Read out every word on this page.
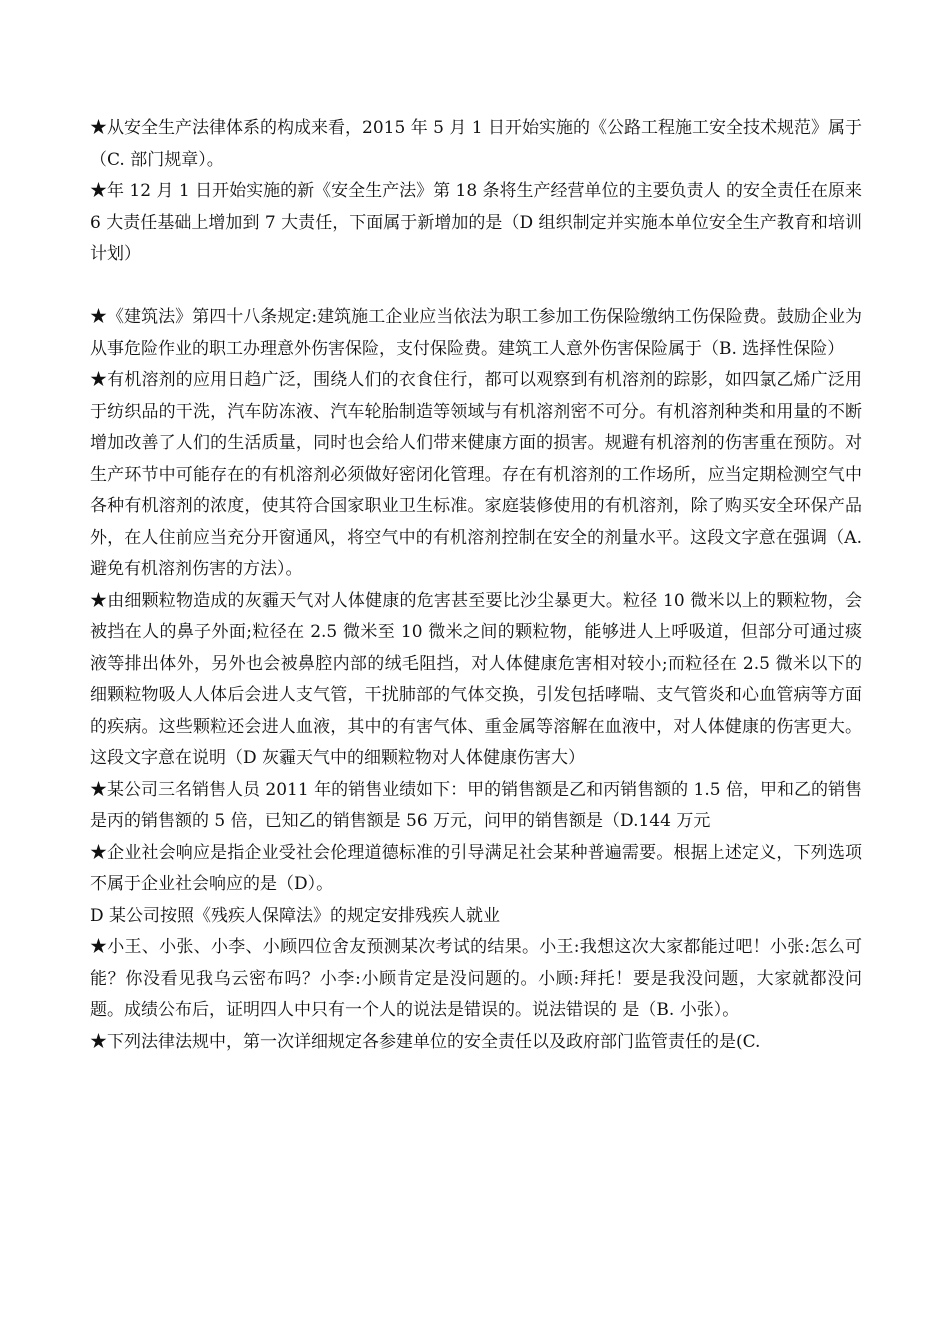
★从安全生产法律体系的构成来看，2015 年 5 月 1 日开始实施的《公路工程施工安全技术规范》属于（C. 部门规章）。

★年 12 月 1 日开始实施的新《安全生产法》第 18 条将生产经营单位的主要负责人 的安全责任在原来 6 大责任基础上增加到 7 大责任，下面属于新增加的是（D 组织制定并实施本单位安全生产教育和培训计划）

★《建筑法》第四十八条规定:建筑施工企业应当依法为职工参加工伤保险缴纳工伤保险费。鼓励企业为从事危险作业的职工办理意外伤害保险，支付保险费。建筑工人意外伤害保险属于（B. 选择性保险）

★有机溶剂的应用日趋广泛，围绕人们的衣食住行，都可以观察到有机溶剂的踪影，如四氯乙烯广泛用于纺织品的干洗，汽车防冻液、汽车轮胎制造等领域与有机溶剂密不可分。有机溶剂种类和用量的不断增加改善了人们的生活质量，同时也会给人们带来健康方面的损害。规避有机溶剂的伤害重在预防。对生产环节中可能存在的有机溶剂必须做好密闭化管理。存在有机溶剂的工作场所，应当定期检测空气中各种有机溶剂的浓度，使其符合国家职业卫生标准。家庭装修使用的有机溶剂，除了购买安全环保产品外，在人住前应当充分开窗通风，将空气中的有机溶剂控制在安全的剂量水平。这段文字意在强调（A. 避免有机溶剂伤害的方法）。

★由细颗粒物造成的灰霾天气对人体健康的危害甚至要比沙尘暴更大。粒径 10 微米以上的颗粒物，会被挡在人的鼻子外面;粒径在 2.5 微米至 10 微米之间的颗粒物，能够进人上呼吸道，但部分可通过痰液等排出体外，另外也会被鼻腔内部的绒毛阻挡，对人体健康危害相对较小;而粒径在 2.5 微米以下的细颗粒物吸人人体后会进人支气管，干扰肺部的气体交换，引发包括哮喘、支气管炎和心血管病等方面的疾病。这些颗粒还会进人血液，其中的有害气体、重金属等溶解在血液中，对人体健康的伤害更大。这段文字意在说明（D 灰霾天气中的细颗粒物对人体健康伤害大）

★某公司三名销售人员 2011 年的销售业绩如下：甲的销售额是乙和丙销售额的 1.5 倍，甲和乙的销售是丙的销售额的 5 倍，已知乙的销售额是 56 万元，问甲的销售额是（D.144 万元

★企业社会响应是指企业受社会伦理道德标准的引导满足社会某种普遍需要。根据上述定义，下列选项不属于企业社会响应的是（D）。

D 某公司按照《残疾人保障法》的规定安排残疾人就业

★小王、小张、小李、小顾四位舍友预测某次考试的结果。小王:我想这次大家都能过吧！小张:怎么可能？你没看见我乌云密布吗？小李:小顾肯定是没问题的。小顾:拜托！要是我没问题，大家就都没问题。成绩公布后，证明四人中只有一个人的说法是错误的。说法错误的 是（B. 小张）。

★下列法律法规中，第一次详细规定各参建单位的安全责任以及政府部门监管责任的是(C.
